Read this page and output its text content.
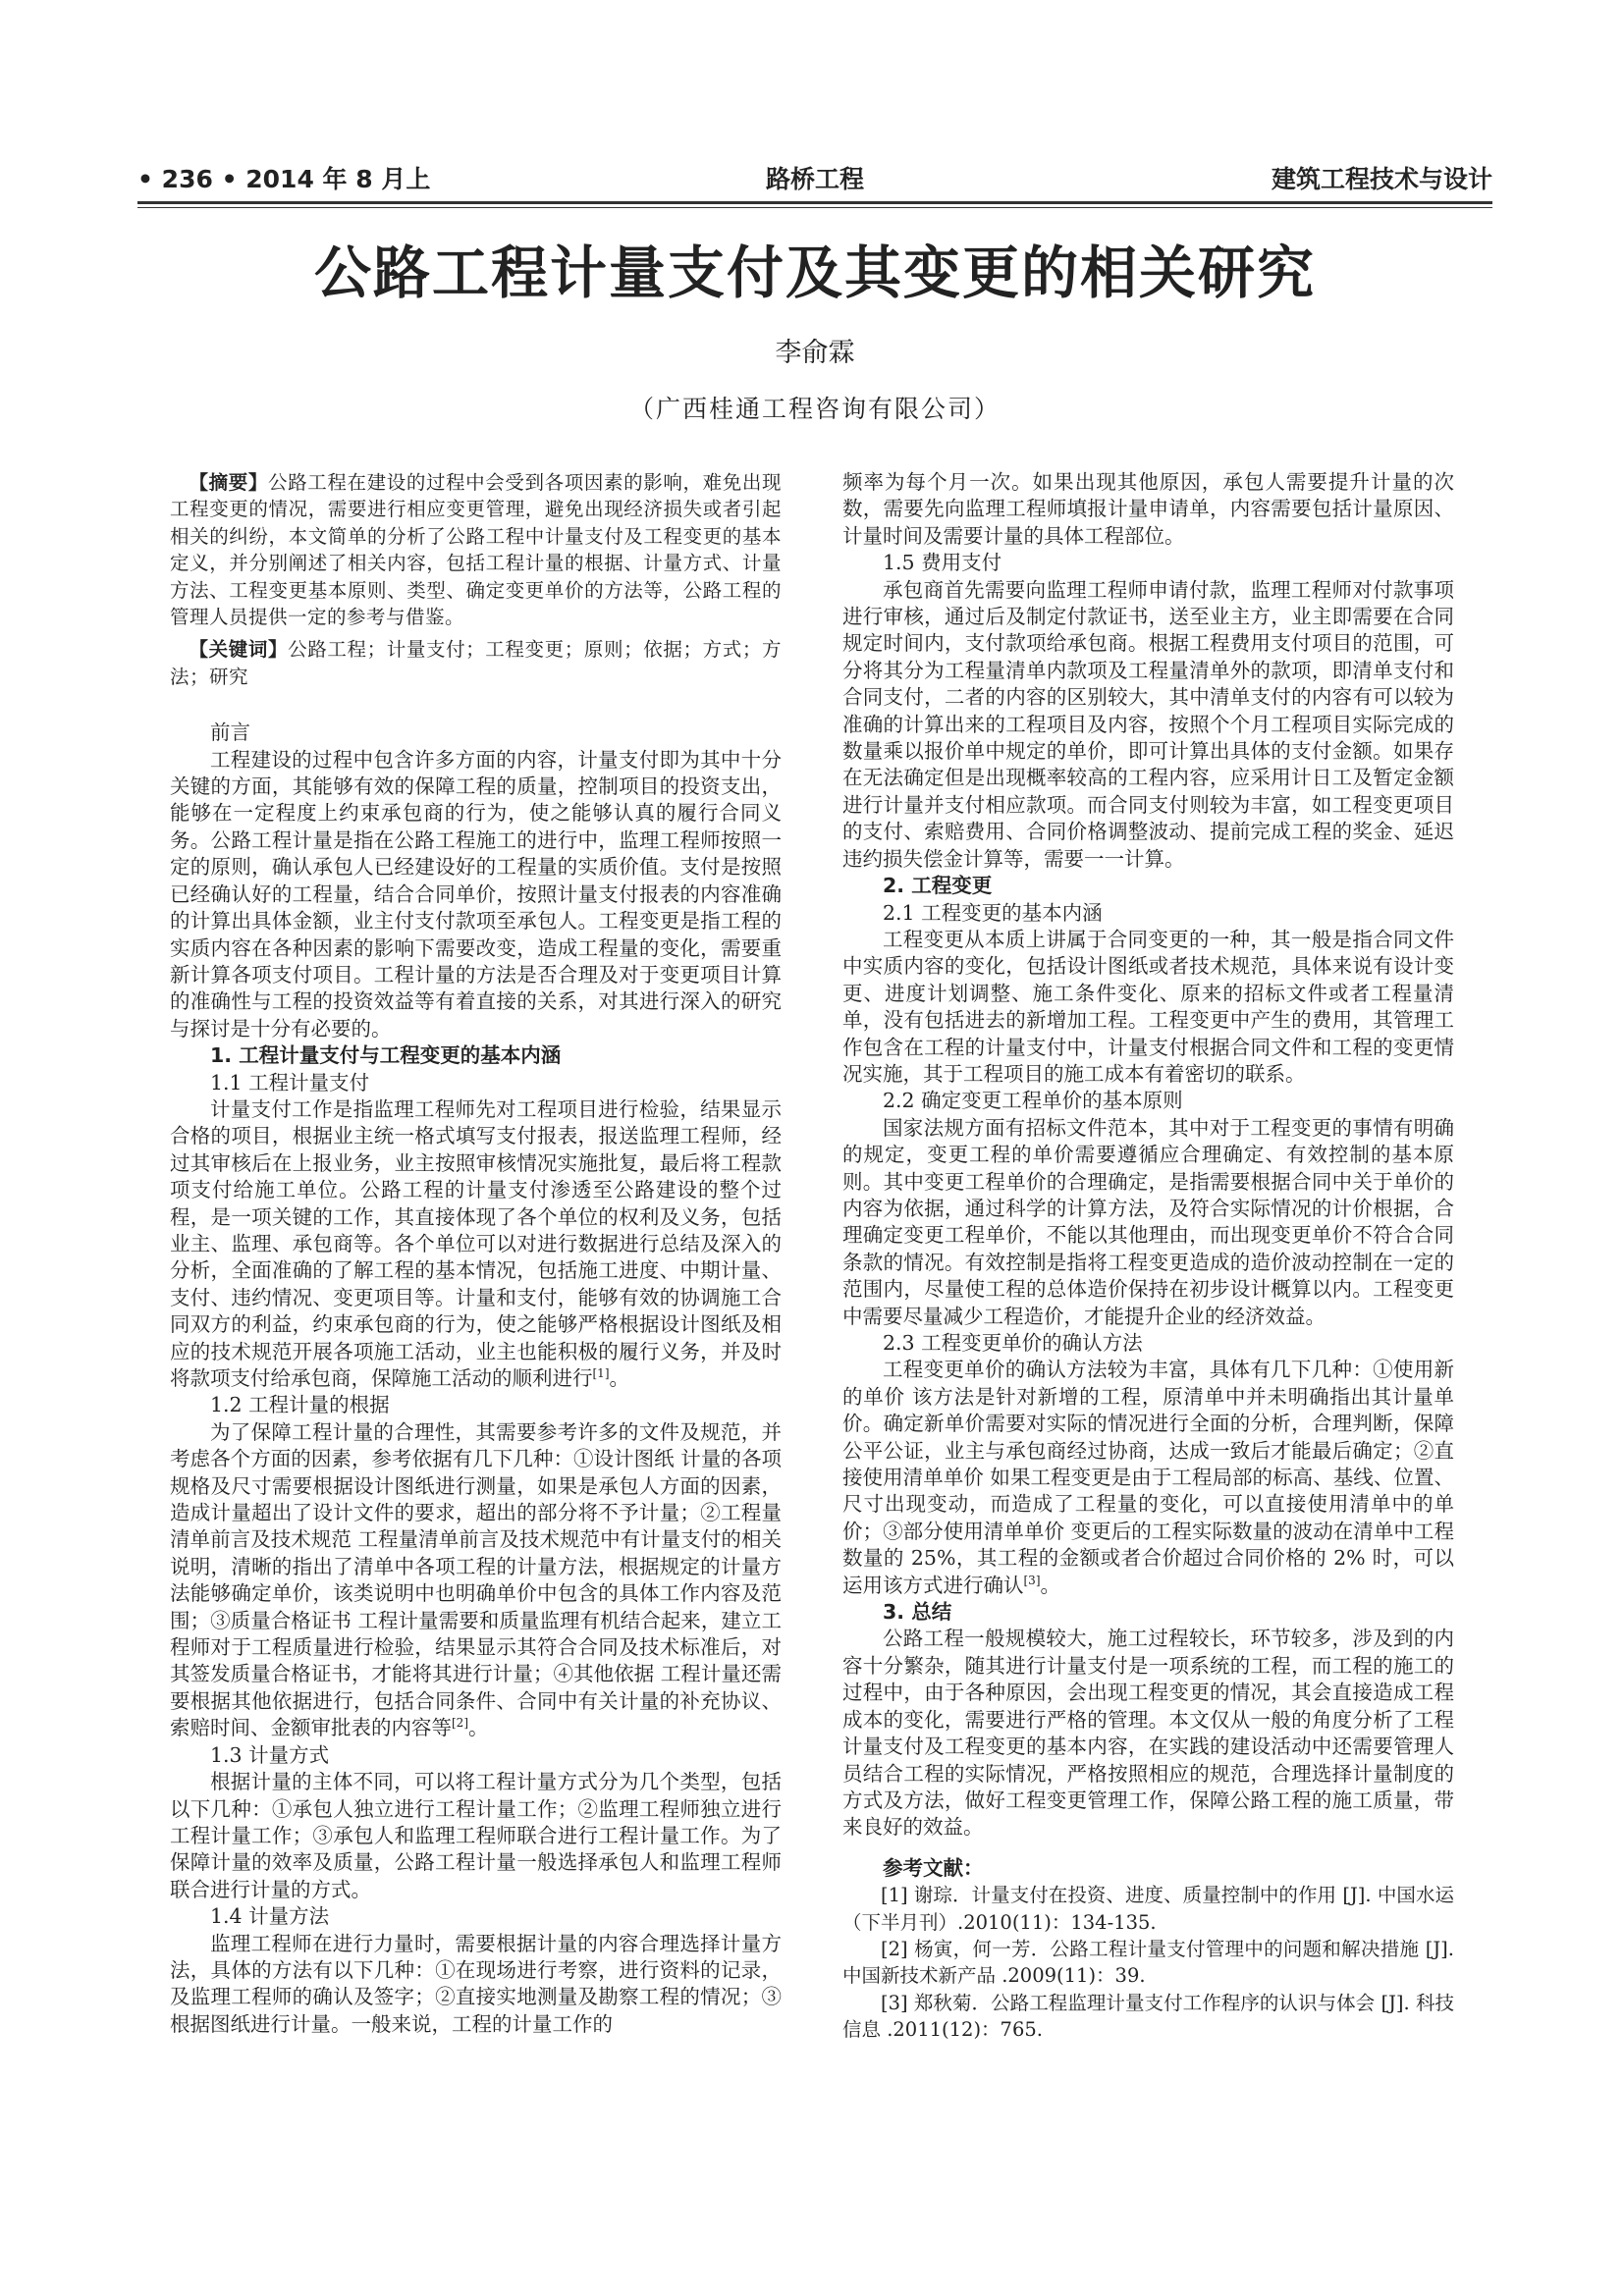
• 236 • 2014 年 8 月上	路桥工程	建筑工程技术与设计
公路工程计量支付及其变更的相关研究
李俞霖
（广西桂通工程咨询有限公司）

【摘要】公路工程在建设的过程中会受到各项因素的影响，难免出现工程变更的情况，需要进行相应变更管理，避免出现经济损失或者引起相关的纠纷，本文简单的分析了公路工程中计量支付及工程变更的基本定义，并分别阐述了相关内容，包括工程计量的根据、计量方式、计量方法、工程变更基本原则、类型、确定变更单价的方法等，公路工程的管理人员提供一定的参考与借鉴。

【关键词】公路工程；计量支付；工程变更；原则；依据；方式；方法；研究

前言

工程建设的过程中包含许多方面的内容，计量支付即为其中十分关键的方面，其能够有效的保障工程的质量，控制项目的投资支出，能够在一定程度上约束承包商的行为，使之能够认真的履行合同义务。公路工程计量是指在公路工程施工的进行中，监理工程师按照一定的原则，确认承包人已经建设好的工程量的实质价值。支付是按照已经确认好的工程量，结合合同单价，按照计量支付报表的内容准确的计算出具体金额，业主付支付款项至承包人。工程变更是指工程的实质内容在各种因素的影响下需要改变，造成工程量的变化，需要重新计算各项支付项目。工程计量的方法是否合理及对于变更项目计算的准确性与工程的投资效益等有着直接的关系，对其进行深入的研究与探讨是十分有必要的。

1. 工程计量支付与工程变更的基本内涵

1.1 工程计量支付

计量支付工作是指监理工程师先对工程项目进行检验，结果显示合格的项目，根据业主统一格式填写支付报表，报送监理工程师，经过其审核后在上报业务，业主按照审核情况实施批复，最后将工程款项支付给施工单位。公路工程的计量支付渗透至公路建设的整个过程，是一项关键的工作，其直接体现了各个单位的权利及义务，包括业主、监理、承包商等。各个单位可以对进行数据进行总结及深入的分析，全面准确的了解工程的基本情况，包括施工进度、中期计量、支付、违约情况、变更项目等。计量和支付，能够有效的协调施工合同双方的利益，约束承包商的行为，使之能够严格根据设计图纸及相应的技术规范开展各项施工活动，业主也能积极的履行义务，并及时将款项支付给承包商，保障施工活动的顺利进行[1]。

1.2 工程计量的根据

为了保障工程计量的合理性，其需要参考许多的文件及规范，并考虑各个方面的因素，参考依据有几下几种：①设计图纸 计量的各项规格及尺寸需要根据设计图纸进行测量，如果是承包人方面的因素，造成计量超出了设计文件的要求，超出的部分将不予计量；②工程量清单前言及技术规范 工程量清单前言及技术规范中有计量支付的相关说明，清晰的指出了清单中各项工程的计量方法，根据规定的计量方法能够确定单价，该类说明中也明确单价中包含的具体工作内容及范围；③质量合格证书 工程计量需要和质量监理有机结合起来，建立工程师对于工程质量进行检验，结果显示其符合合同及技术标准后，对其签发质量合格证书，才能将其进行计量；④其他依据 工程计量还需要根据其他依据进行，包括合同条件、合同中有关计量的补充协议、索赔时间、金额审批表的内容等[2]。

1.3 计量方式

根据计量的主体不同，可以将工程计量方式分为几个类型，包括以下几种：①承包人独立进行工程计量工作；②监理工程师独立进行工程计量工作；③承包人和监理工程师联合进行工程计量工作。为了保障计量的效率及质量，公路工程计量一般选择承包人和监理工程师联合进行计量的方式。

1.4 计量方法

监理工程师在进行力量时，需要根据计量的内容合理选择计量方法，具体的方法有以下几种：①在现场进行考察，进行资料的记录，及监理工程师的确认及签字；②直接实地测量及勘察工程的情况；③根据图纸进行计量。一般来说，工程的计量工作的

频率为每个月一次。如果出现其他原因，承包人需要提升计量的次数，需要先向监理工程师填报计量申请单，内容需要包括计量原因、计量时间及需要计量的具体工程部位。

1.5 费用支付

承包商首先需要向监理工程师申请付款，监理工程师对付款事项进行审核，通过后及制定付款证书，送至业主方，业主即需要在合同规定时间内，支付款项给承包商。根据工程费用支付项目的范围，可分将其分为工程量清单内款项及工程量清单外的款项，即清单支付和合同支付，二者的内容的区别较大，其中清单支付的内容有可以较为准确的计算出来的工程项目及内容，按照个个月工程项目实际完成的数量乘以报价单中规定的单价，即可计算出具体的支付金额。如果存在无法确定但是出现概率较高的工程内容，应采用计日工及暂定金额进行计量并支付相应款项。而合同支付则较为丰富，如工程变更项目的支付、索赔费用、合同价格调整波动、提前完成工程的奖金、延迟违约损失偿金计算等，需要一一计算。

2. 工程变更

2.1 工程变更的基本内涵

工程变更从本质上讲属于合同变更的一种，其一般是指合同文件中实质内容的变化，包括设计图纸或者技术规范，具体来说有设计变更、进度计划调整、施工条件变化、原来的招标文件或者工程量清单，没有包括进去的新增加工程。工程变更中产生的费用，其管理工作包含在工程的计量支付中，计量支付根据合同文件和工程的变更情况实施，其于工程项目的施工成本有着密切的联系。

2.2 确定变更工程单价的基本原则

国家法规方面有招标文件范本，其中对于工程变更的事情有明确的规定，变更工程的单价需要遵循应合理确定、有效控制的基本原则。其中变更工程单价的合理确定，是指需要根据合同中关于单价的内容为依据，通过科学的计算方法，及符合实际情况的计价根据，合理确定变更工程单价，不能以其他理由，而出现变更单价不符合合同条款的情况。有效控制是指将工程变更造成的造价波动控制在一定的范围内，尽量使工程的总体造价保持在初步设计概算以内。工程变更中需要尽量减少工程造价，才能提升企业的经济效益。

2.3 工程变更单价的确认方法

工程变更单价的确认方法较为丰富，具体有几下几种：①使用新的单价 该方法是针对新增的工程，原清单中并未明确指出其计量单价。确定新单价需要对实际的情况进行全面的分析，合理判断，保障公平公证，业主与承包商经过协商，达成一致后才能最后确定；②直接使用清单单价 如果工程变更是由于工程局部的标高、基线、位置、尺寸出现变动，而造成了工程量的变化，可以直接使用清单中的单价；③部分使用清单单价 变更后的工程实际数量的波动在清单中工程数量的 25%，其工程的金额或者合价超过合同价格的 2% 时，可以运用该方式进行确认[3]。

3. 总结

公路工程一般规模较大，施工过程较长，环节较多，涉及到的内容十分繁杂，随其进行计量支付是一项系统的工程，而工程的施工的过程中，由于各种原因，会出现工程变更的情况，其会直接造成工程成本的变化，需要进行严格的管理。本文仅从一般的角度分析了工程计量支付及工程变更的基本内容，在实践的建设活动中还需要管理人员结合工程的实际情况，严格按照相应的规范，合理选择计量制度的方式及方法，做好工程变更管理工作，保障公路工程的施工质量，带来良好的效益。

参考文献：

[1] 谢琮．计量支付在投资、进度、质量控制中的作用 [J]. 中国水运（下半月刊）.2010(11)：134-135.

[2] 杨寅，何一芳．公路工程计量支付管理中的问题和解决措施 [J]. 中国新技术新产品 .2009(11)：39.

[3] 郑秋菊．公路工程监理计量支付工作程序的认识与体会 [J]. 科技信息 .2011(12)：765.
